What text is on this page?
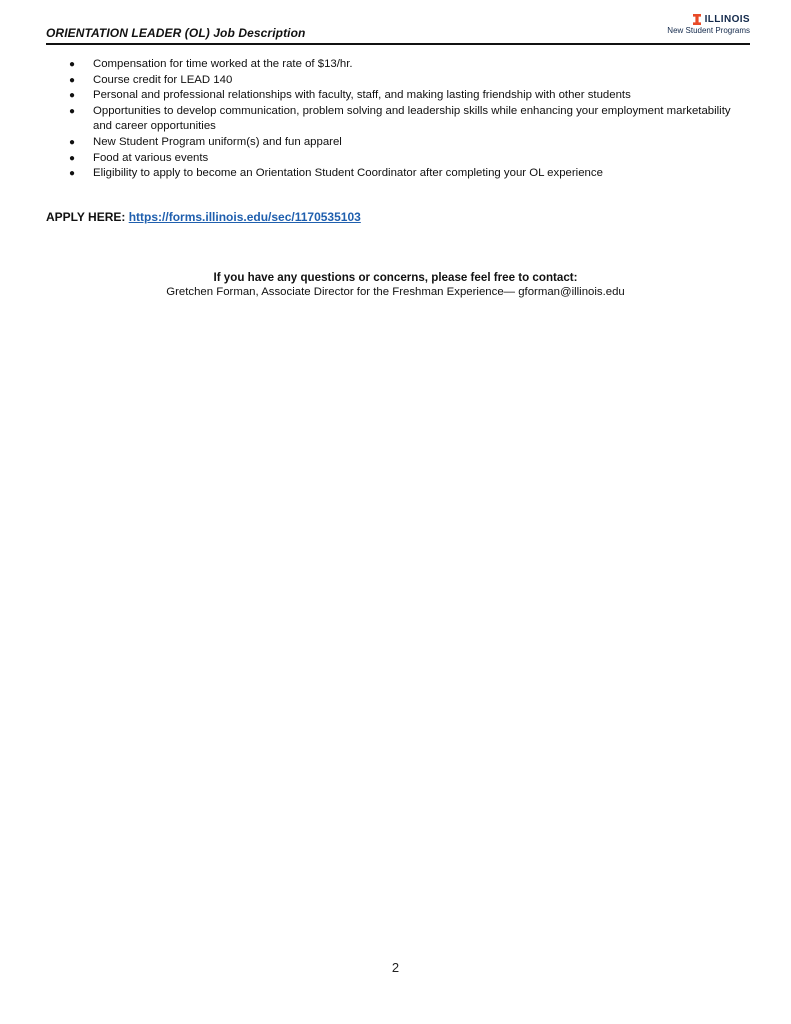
ORIENTATION LEADER (OL) Job Description
ILLINOIS
New Student Programs
● Compensation for time worked at the rate of $13/hr.
● Course credit for LEAD 140
● Personal and professional relationships with faculty, staff, and making lasting friendship with other students
● Opportunities to develop communication, problem solving and leadership skills while enhancing your employment marketability and career opportunities
● New Student Program uniform(s) and fun apparel
● Food at various events
● Eligibility to apply to become an Orientation Student Coordinator after completing your OL experience
APPLY HERE: https://forms.illinois.edu/sec/1170535103
If you have any questions or concerns, please feel free to contact:
Gretchen Forman, Associate Director for the Freshman Experience— gforman@illinois.edu
2
